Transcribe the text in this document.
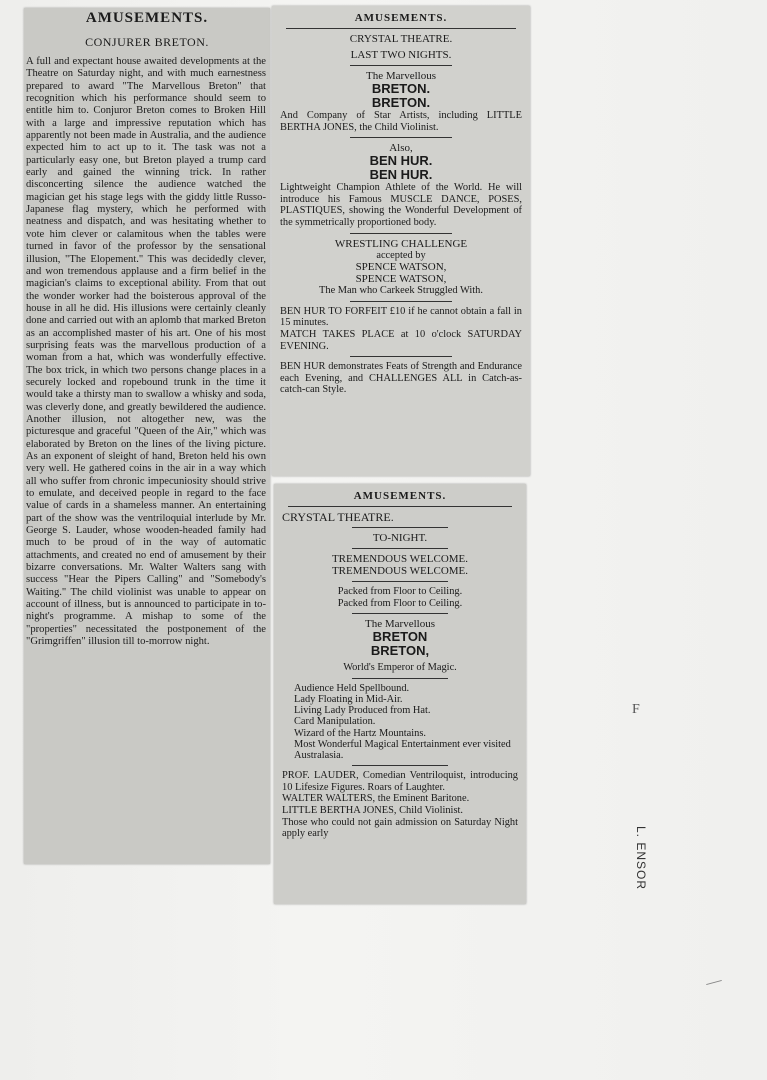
AMUSEMENTS.
CONJURER BRETON.

A full and expectant house awaited developments at the Theatre on Saturday night, and with much earnestness prepared to award "The Marvellous Breton" that recognition which his performance should seem to entitle him to. Conjuror Breton comes to Broken Hill with a large and impressive reputation which has apparently not been made in Australia, and the audience expected him to act up to it. The task was not a particularly easy one, but Breton played a trump card early and gained the winning trick. In rather disconcerting silence the audience watched the magician get his stage legs with the giddy little Russo-Japanese flag mystery, which he performed with neatness and dispatch, and was hesitating whether to vote him clever or calamitous when the tables were turned in favor of the professor by the sensational illusion, "The Elopement." This was decidedly clever, and won tremendous applause and a firm belief in the magician's claims to exceptional ability. From that out the wonder worker had the boisterous approval of the house in all he did. His illusions were certainly cleanly done and carried out with an aplomb that marked Breton as an accomplished master of his art. One of his most surprising feats was the marvellous production of a woman from a hat, which was wonderfully effective. The box trick, in which two persons change places in a securely locked and ropebound trunk in the time it would take a thirsty man to swallow a whisky and soda, was cleverly done, and greatly bewildered the audience. Another illusion, not altogether new, was the picturesque and graceful "Queen of the Air," which was elaborated by Breton on the lines of the living picture. As an exponent of sleight of hand, Breton held his own very well. He gathered coins in the air in a way which all who suffer from chronic impecuniosity should strive to emulate, and deceived people in regard to the face value of cards in a shameless manner. An entertaining part of the show was the ventriloquial interlude by Mr. George S. Lauder, whose wooden-headed family had much to be proud of in the way of automatic attachments, and created no end of amusement by their bizarre conversations. Mr. Walter Walters sang with success "Hear the Pipers Calling" and "Somebody's Waiting." The child violinist was unable to appear on account of illness, but is announced to participate in to-night's programme. A mishap to some of the "properties" necessitated the postponement of the "Grimgriffen" illusion till to-morrow night.

AMUSEMENTS.
CRYSTAL THEATRE.
LAST TWO NIGHTS.
The Marvellous
BRETON.
BRETON.
And Company of Star Artists, including LITTLE BERTHA JONES, the Child Violinist.
Also,
BEN HUR.
BEN HUR.
Lightweight Champion Athlete of the World. He will introduce his Famous MUSCLE DANCE, POSES, PLASTIQUES, showing the Wonderful Development of the symmetrically proportioned body.
WRESTLING CHALLENGE
accepted by
SPENCE WATSON,
SPENCE WATSON,
The Man who Carkeek Struggled With.
BEN HUR TO FORFEIT £10 if he cannot obtain a fall in 15 minutes.
MATCH TAKES PLACE at 10 o'clock SATURDAY EVENING.
BEN HUR demonstrates Feats of Strength and Endurance each Evening, and CHALLENGES ALL in Catch-as-catch-can Style.
AMUSEMENTS.
CRYSTAL THEATRE.
TO-NIGHT.
TREMENDOUS WELCOME.
TREMENDOUS WELCOME.
Packed from Floor to Ceiling.
Packed from Floor to Ceiling.
The Marvellous
BRETON
BRETON,
World's Emperor of Magic.
Audience Held Spellbound.
Lady Floating in Mid-Air.
Living Lady Produced from Hat.
Card Manipulation.
Wizard of the Hartz Mountains.
Most Wonderful Magical Entertainment ever visited Australasia.
PROF. LAUDER, Comedian Ventriloquist, introducing 10 Lifesize Figures. Roars of Laughter.
WALTER WALTERS, the Eminent Baritone.
LITTLE BERTHA JONES, Child Violinist.
Those who could not gain admission on Saturday Night apply early
F
L. ENSOR
